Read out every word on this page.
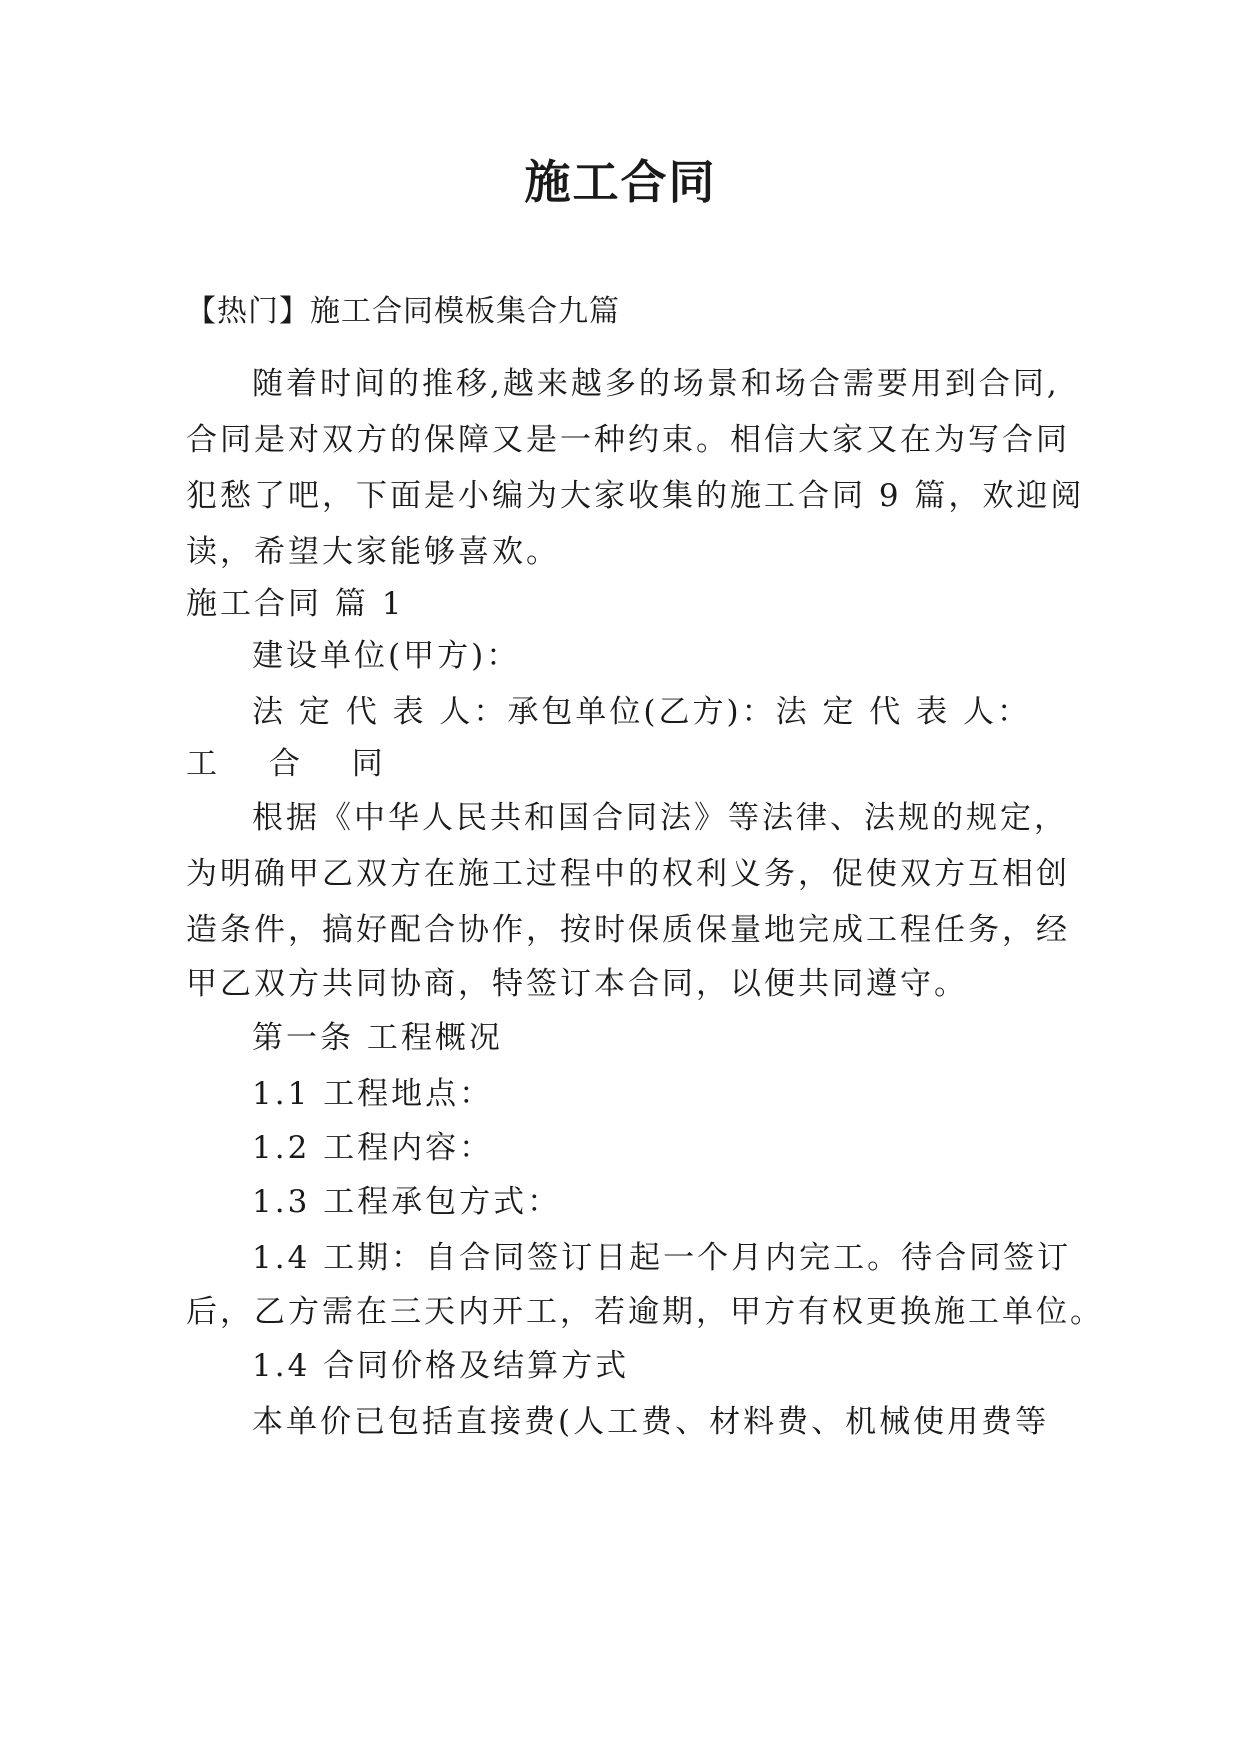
施工合同

【热门】施工合同模板集合九篇

随着时间的推移,越来越多的场景和场合需要用到合同,

合同是对双方的保障又是一种约束。相信大家又在为写合同

犯愁了吧，下面是小编为大家收集的施工合同 9 篇，欢迎阅

读，希望大家能够喜欢。

施工合同 篇 1

建设单位(甲方)：

法 定 代 表 人：承包单位(乙方)：法 定 代 表 人：

工 合 同

根据《中华人民共和国合同法》等法律、法规的规定，

为明确甲乙双方在施工过程中的权利义务，促使双方互相创

造条件，搞好配合协作，按时保质保量地完成工程任务，经

甲乙双方共同协商，特签订本合同，以便共同遵守。

第一条 工程概况

1.1 工程地点：

1.2 工程内容：

1.3 工程承包方式：

1.4 工期：自合同签订日起一个月内完工。待合同签订

后，乙方需在三天内开工，若逾期，甲方有权更换施工单位。

1.4 合同价格及结算方式

本单价已包括直接费(人工费、材料费、机械使用费等
